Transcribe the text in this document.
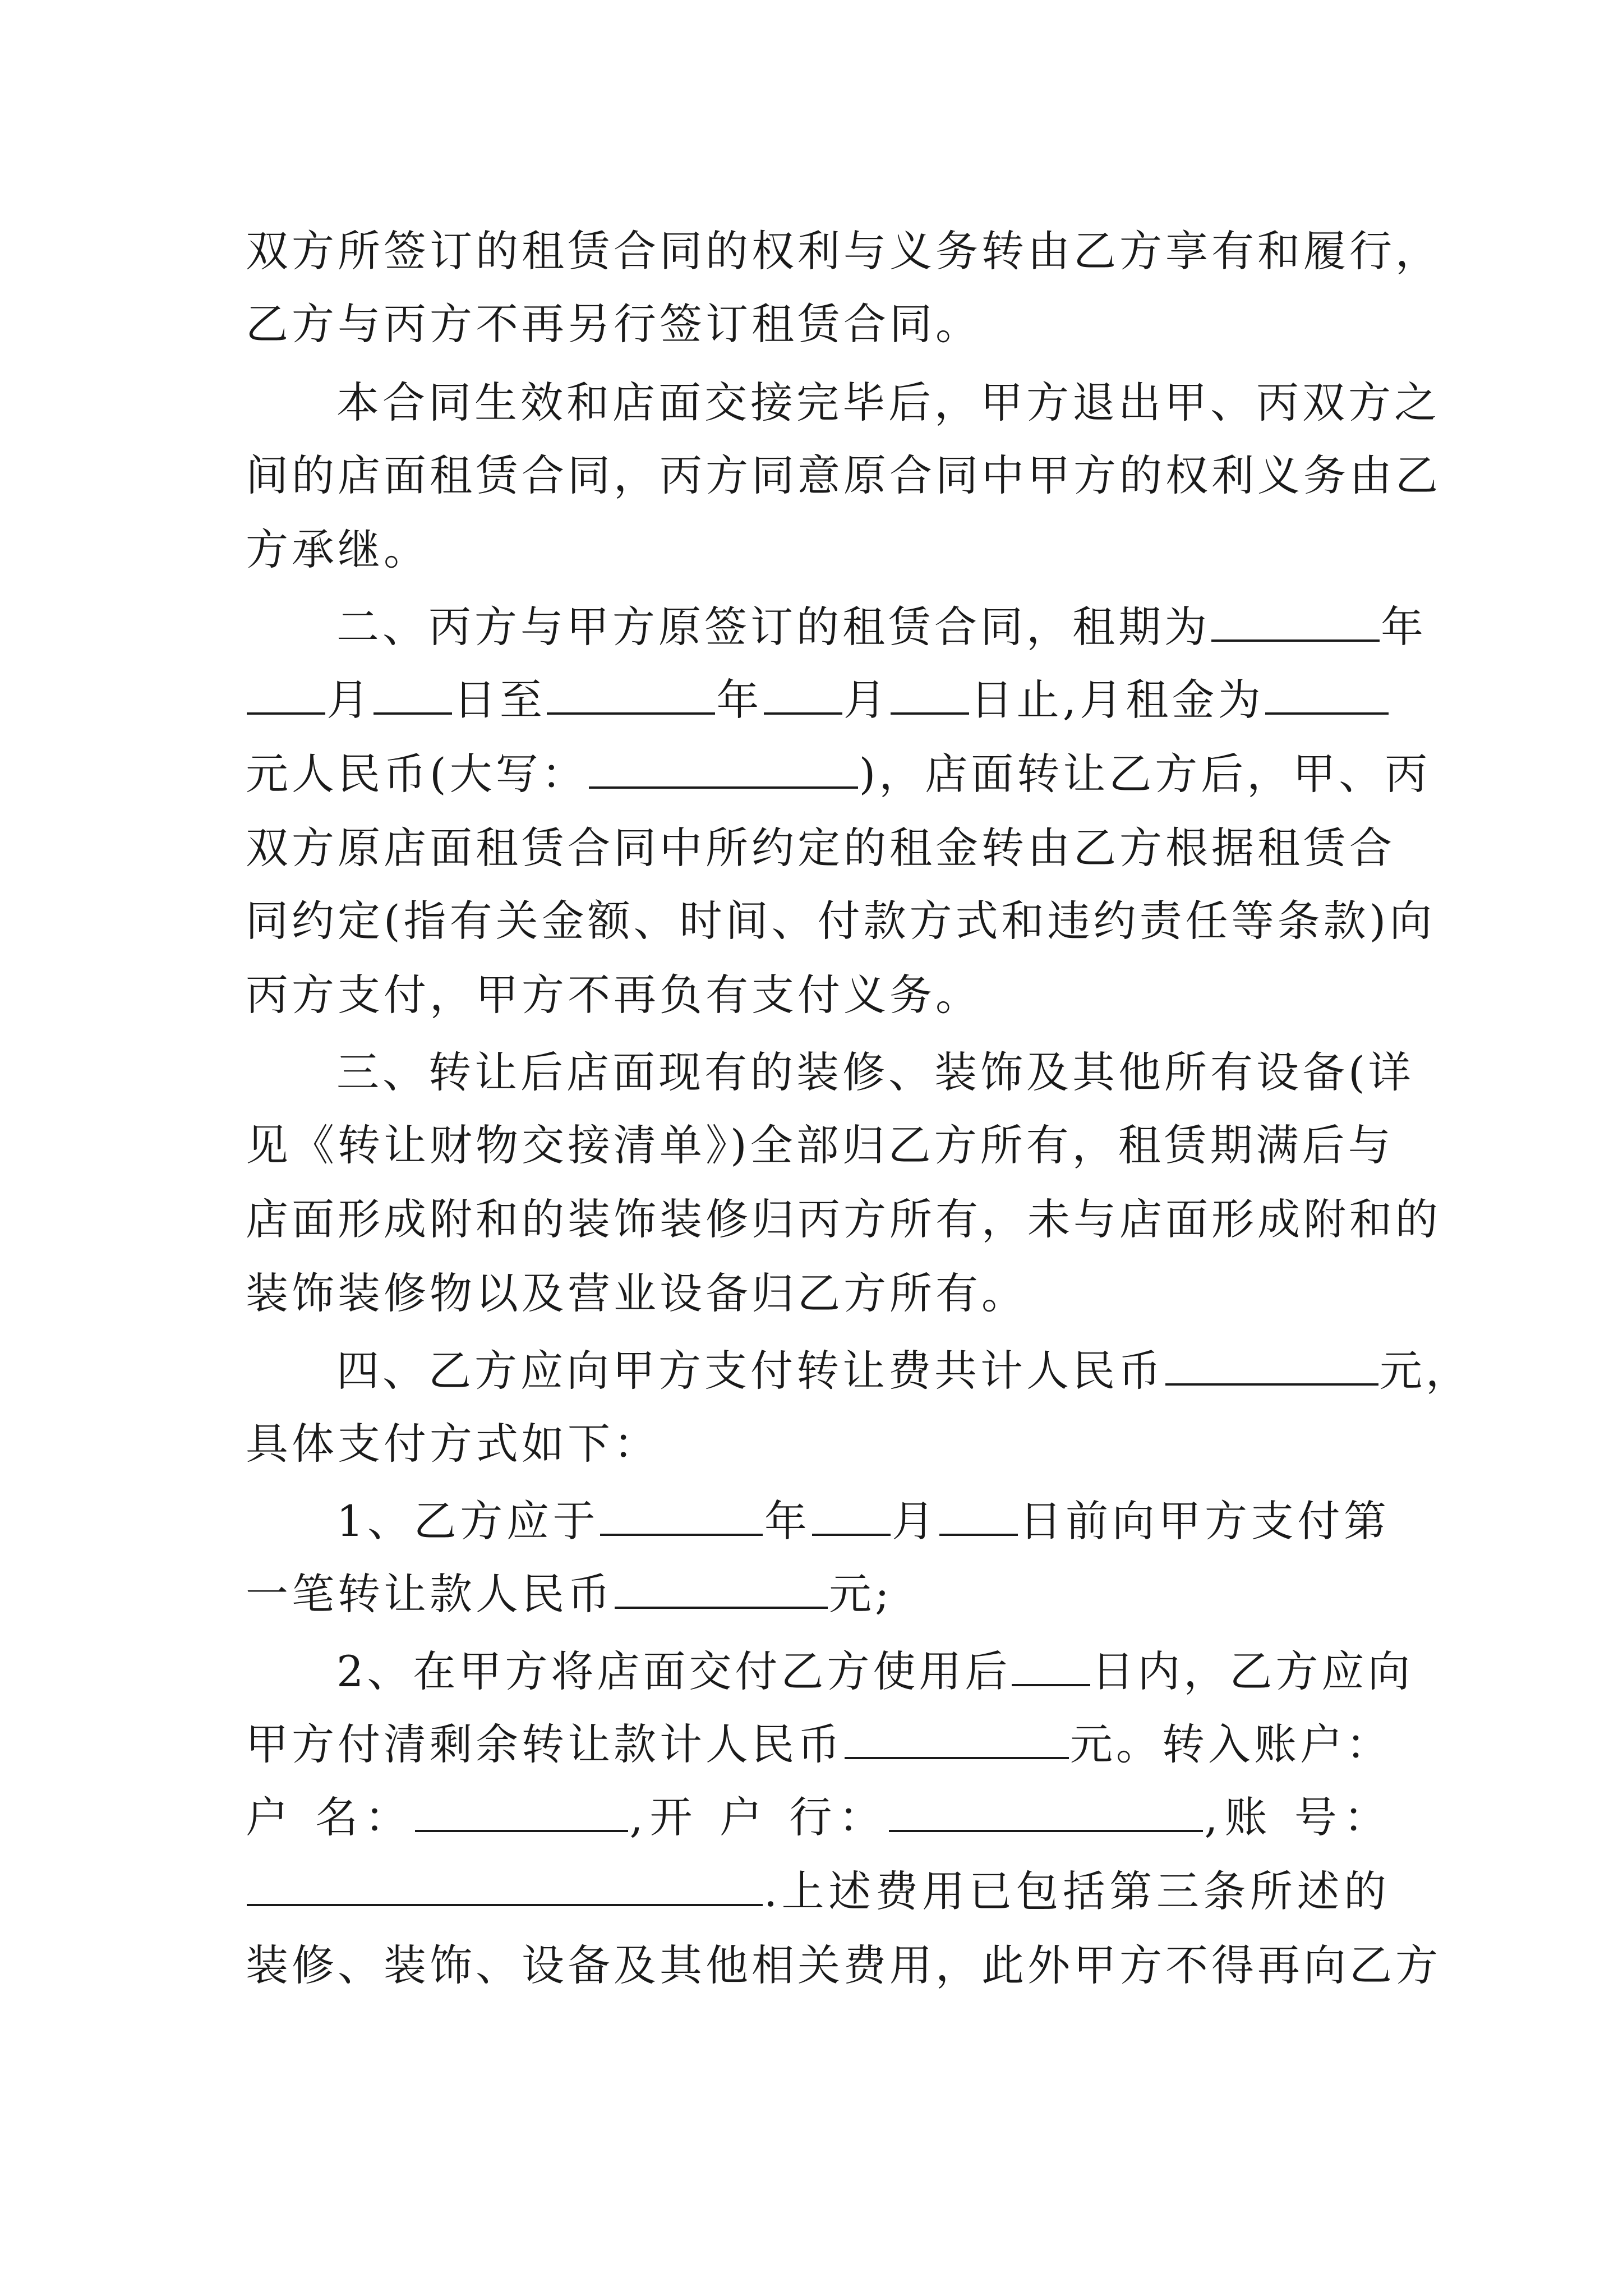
双方所签订的租赁合同的权利与义务转由乙方享有和履行，
乙方与丙方不再另行签订租赁合同。
本合同生效和店面交接完毕后，甲方退出甲、丙双方之
间的店面租赁合同，丙方同意原合同中甲方的权利义务由乙
方承继。
二、丙方与甲方原签订的租赁合同，租期为	年
月 日至	年 月 日止,月租金为
元人民币(大写：	)，店面转让乙方后，甲、丙
双方原店面租赁合同中所约定的租金转由乙方根据租赁合
同约定(指有关金额、时间、付款方式和违约责任等条款)向
丙方支付，甲方不再负有支付义务。
三、转让后店面现有的装修、装饰及其他所有设备(详
见《转让财物交接清单》)全部归乙方所有，租赁期满后与
店面形成附和的装饰装修归丙方所有，未与店面形成附和的
装饰装修物以及营业设备归乙方所有。
四、乙方应向甲方支付转让费共计人民币	元，
具体支付方式如下：
1、乙方应于	年 月 日前向甲方支付第
一笔转让款人民币	元;
2、在甲方将店面交付乙方使用后 日内，乙方应向
甲方付清剩余转让款计人民币	元。转入账户：
户 名：	,开 户 行：	,账 号：
.上述费用已包括第三条所述的
装修、装饰、设备及其他相关费用，此外甲方不得再向乙方
